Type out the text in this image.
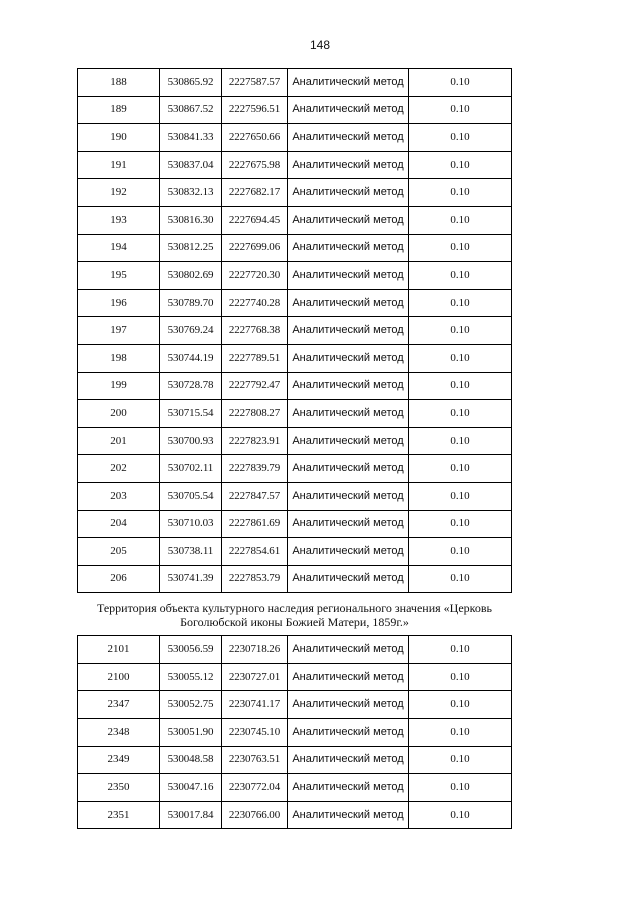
148
188	530865.92	2227587.57	Аналитический метод	0.10
189	530867.52	2227596.51	Аналитический метод	0.10
190	530841.33	2227650.66	Аналитический метод	0.10
191	530837.04	2227675.98	Аналитический метод	0.10
192	530832.13	2227682.17	Аналитический метод	0.10
193	530816.30	2227694.45	Аналитический метод	0.10
194	530812.25	2227699.06	Аналитический метод	0.10
195	530802.69	2227720.30	Аналитический метод	0.10
196	530789.70	2227740.28	Аналитический метод	0.10
197	530769.24	2227768.38	Аналитический метод	0.10
198	530744.19	2227789.51	Аналитический метод	0.10
199	530728.78	2227792.47	Аналитический метод	0.10
200	530715.54	2227808.27	Аналитический метод	0.10
201	530700.93	2227823.91	Аналитический метод	0.10
202	530702.11	2227839.79	Аналитический метод	0.10
203	530705.54	2227847.57	Аналитический метод	0.10
204	530710.03	2227861.69	Аналитический метод	0.10
205	530738.11	2227854.61	Аналитический метод	0.10
206	530741.39	2227853.79	Аналитический метод	0.10
Территория объекта культурного наследия регионального значения «Церковь Боголюбской иконы Божией Матери, 1859г.»				
2101	530056.59	2230718.26	Аналитический метод	0.10
2100	530055.12	2230727.01	Аналитический метод	0.10
2347	530052.75	2230741.17	Аналитический метод	0.10
2348	530051.90	2230745.10	Аналитический метод	0.10
2349	530048.58	2230763.51	Аналитический метод	0.10
2350	530047.16	2230772.04	Аналитический метод	0.10
2351	530017.84	2230766.00	Аналитический метод	0.10
